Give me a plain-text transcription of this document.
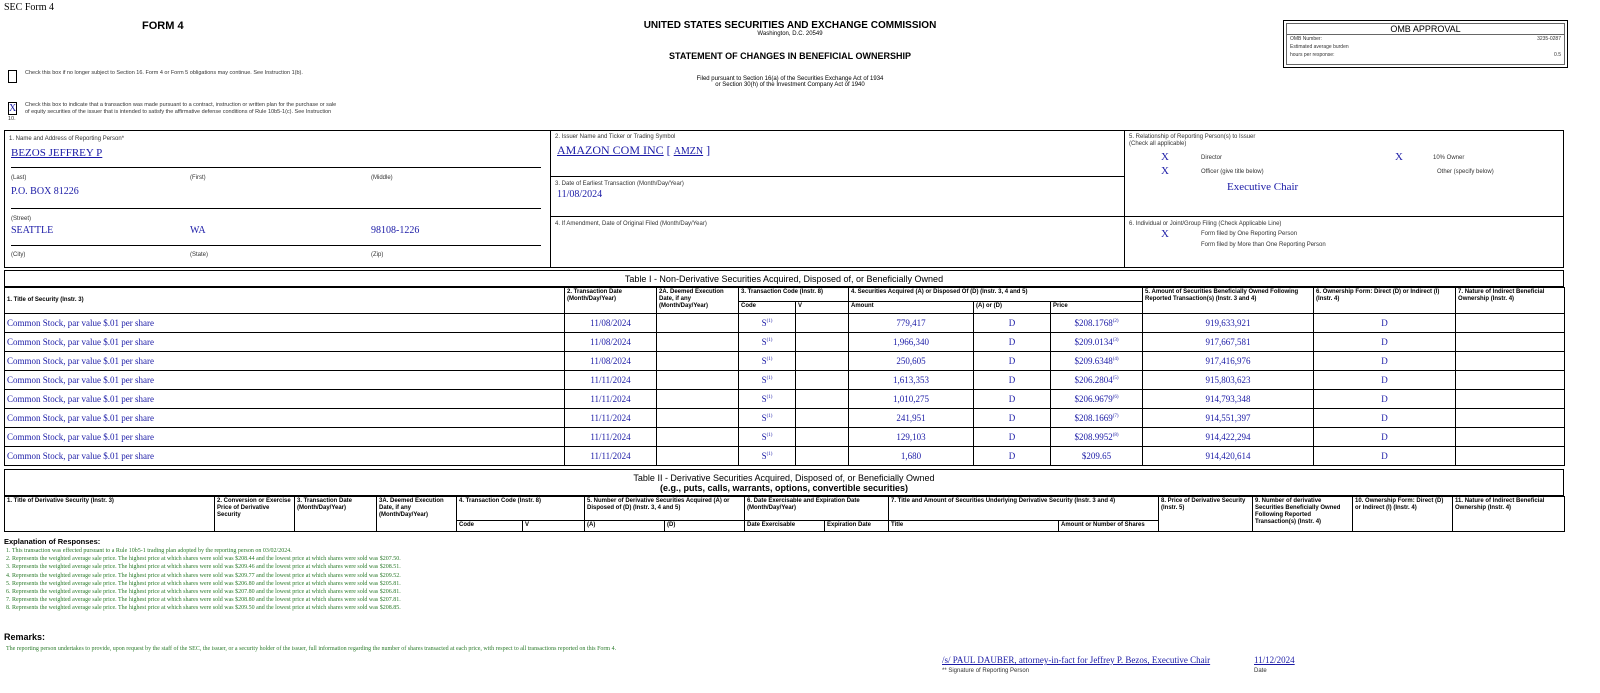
SEC Form 4
FORM 4	UNITED STATES SECURITIES AND EXCHANGE COMMISSION
Washington, D.C. 20549
STATEMENT OF CHANGES IN BENEFICIAL OWNERSHIP
Filed pursuant to Section 16(a) of the Securities Exchange Act of 1934
or Section 30(h) of the Investment Company Act of 1940
OMB APPROVAL
OMB Number:	3235-0287
Estimated average burden
hours per response:	0.5
Check this box if no longer subject to Section 16. Form 4 or Form 5 obligations may continue. See Instruction 1(b).
X	Check this box to indicate that a transaction was made pursuant to a contract, instruction or written plan for the purchase or sale of equity securities of the issuer that is intended to satisfy the affirmative defense conditions of Rule 10b5-1(c). See Instruction 10.
1. Name and Address of Reporting Person*
BEZOS JEFFREY P
(Last)	(First)	(Middle)
P.O. BOX 81226
(Street)
SEATTLE	WA	98108-1226
(City)	(State)	(Zip)
2. Issuer Name and Ticker or Trading Symbol
AMAZON COM INC [ AMZN ]
3. Date of Earliest Transaction (Month/Day/Year)
11/08/2024
4. If Amendment, Date of Original Filed (Month/Day/Year)
5. Relationship of Reporting Person(s) to Issuer
(Check all applicable)
X	Director	X	10% Owner
X	Officer (give title below)	Other (specify below)
Executive Chair
6. Individual or Joint/Group Filing (Check Applicable Line)
X	Form filed by One Reporting Person
Form filed by More than One Reporting Person
Table I - Non-Derivative Securities Acquired, Disposed of, or Beneficially Owned
1. Title of Security (Instr. 3)	2. Transaction Date (Month/Day/Year)	2A. Deemed Execution Date, if any (Month/Day/Year)	3. Transaction Code (Instr. 8)		4. Securities Acquired (A) or Disposed Of (D) (Instr. 3, 4 and 5)			5. Amount of Securities Beneficially Owned Following Reported Transaction(s) (Instr. 3 and 4)	6. Ownership Form: Direct (D) or Indirect (I) (Instr. 4)	7. Nature of Indirect Beneficial Ownership (Instr. 4)
			Code	V	Amount	(A) or (D)	Price			
Common Stock, par value $.01 per share	11/08/2024		$S^{(1)}$		779,417	D	$208.1768$^{(2)}$	919,633,921	D	
Common Stock, par value $.01 per share	11/08/2024		$S^{(1)}$		1,966,340	D	$209.0134$^{(3)}$	917,667,581	D	
Common Stock, par value $.01 per share	11/08/2024		$S^{(1)}$		250,605	D	$209.6348$^{(4)}$	917,416,976	D	
Common Stock, par value $.01 per share	11/11/2024		$S^{(1)}$		1,613,353	D	$206.2804$^{(5)}$	915,803,623	D	
Common Stock, par value $.01 per share	11/11/2024		$S^{(1)}$		1,010,275	D	$206.9679$^{(6)}$	914,793,348	D	
Common Stock, par value $.01 per share	11/11/2024		$S^{(1)}$		241,951	D	$208.1669$^{(7)}$	914,551,397	D	
Common Stock, par value $.01 per share	11/11/2024		$S^{(1)}$		129,103	D	$208.9952$^{(8)}$	914,422,294	D	
Common Stock, par value $.01 per share	11/11/2024		$S^{(1)}$		1,680	D	$209.65	914,420,614	D	
Table II - Derivative Securities Acquired, Disposed of, or Beneficially Owned
(e.g., puts, calls, warrants, options, convertible securities)
1. Title of Derivative Security (Instr. 3)	2. Conversion or Exercise Price of Derivative Security	3. Transaction Date (Month/Day/Year)	3A. Deemed Execution Date, if any (Month/Day/Year)	4. Transaction Code (Instr. 8)		5. Number of Derivative Securities Acquired (A) or Disposed of (D) (Instr. 3, 4 and 5)		6. Date Exercisable and Expiration Date (Month/Day/Year)		7. Title and Amount of Securities Underlying Derivative Security (Instr. 3 and 4)		8. Price of Derivative Security (Instr. 5)	9. Number of derivative Securities Beneficially Owned Following Reported Transaction(s) (Instr. 4)	10. Ownership Form: Direct (D) or Indirect (I) (Instr. 4)	11. Nature of Indirect Beneficial Ownership (Instr. 4)
				Code	V	(A)	(D)	Date Exercisable	Expiration Date	Title	Amount or Number of Shares				
Explanation of Responses:
1. This transaction was effected pursuant to a Rule 10b5-1 trading plan adopted by the reporting person on 03/02/2024.
2. Represents the weighted average sale price. The highest price at which shares were sold was $208.44 and the lowest price at which shares were sold was $207.50.
3. Represents the weighted average sale price. The highest price at which shares were sold was $209.46 and the lowest price at which shares were sold was $208.51.
4. Represents the weighted average sale price. The highest price at which shares were sold was $209.77 and the lowest price at which shares were sold was $209.52.
5. Represents the weighted average sale price. The highest price at which shares were sold was $206.80 and the lowest price at which shares were sold was $205.81.
6. Represents the weighted average sale price. The highest price at which shares were sold was $207.80 and the lowest price at which shares were sold was $206.81.
7. Represents the weighted average sale price. The highest price at which shares were sold was $208.80 and the lowest price at which shares were sold was $207.81.
8. Represents the weighted average sale price. The highest price at which shares were sold was $209.50 and the lowest price at which shares were sold was $208.85.
Remarks:
The reporting person undertakes to provide, upon request by the staff of the SEC, the issuer, or a security holder of the issuer, full information regarding the number of shares transacted at each price, with respect to all transactions reported on this Form 4.
/s/ PAUL DAUBER, attorney-in-fact for Jeffrey P. Bezos, Executive Chair	11/12/2024
** Signature of Reporting Person	Date
